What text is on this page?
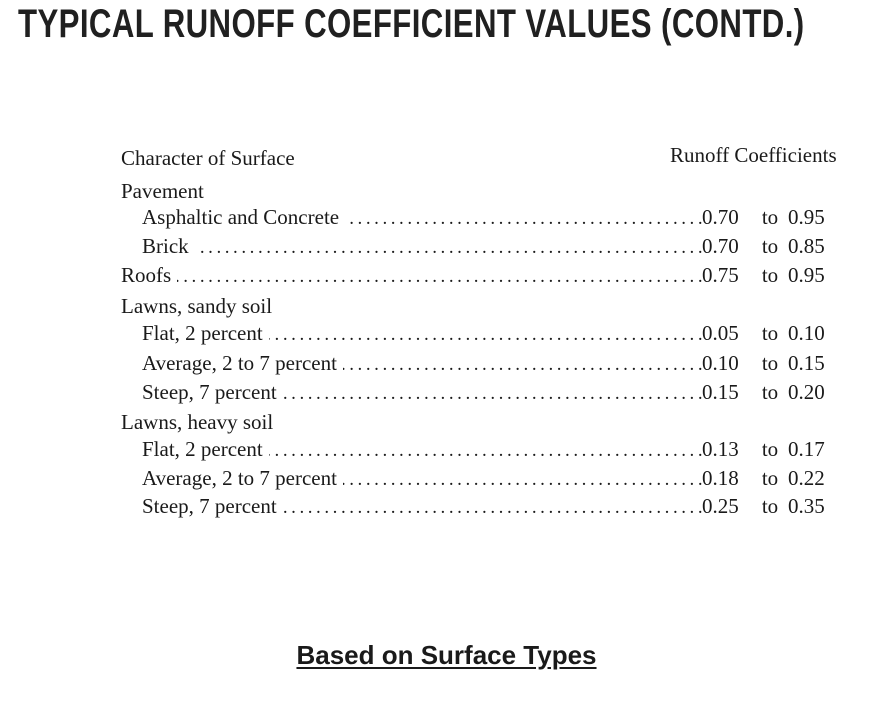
TYPICAL RUNOFF COEFFICIENT VALUES (CONTD.)
Character of Surface	Runoff Coefficients
Pavement
Asphaltic and Concrete . . .	0.70	to 0.95
Brick . . .	0.70	to 0.85
Roofs . . .	0.75	to 0.95
Lawns, sandy soil
Flat, 2 percent . . .	0.05	to 0.10
Average, 2 to 7 percent . . .	0.10	to 0.15
Steep, 7 percent . . .	0.15	to 0.20
Lawns, heavy soil
Flat, 2 percent . . .	0.13	to 0.17
Average, 2 to 7 percent . . .	0.18	to 0.22
Steep, 7 percent . . .	0.25	to 0.35
Based on Surface Types
